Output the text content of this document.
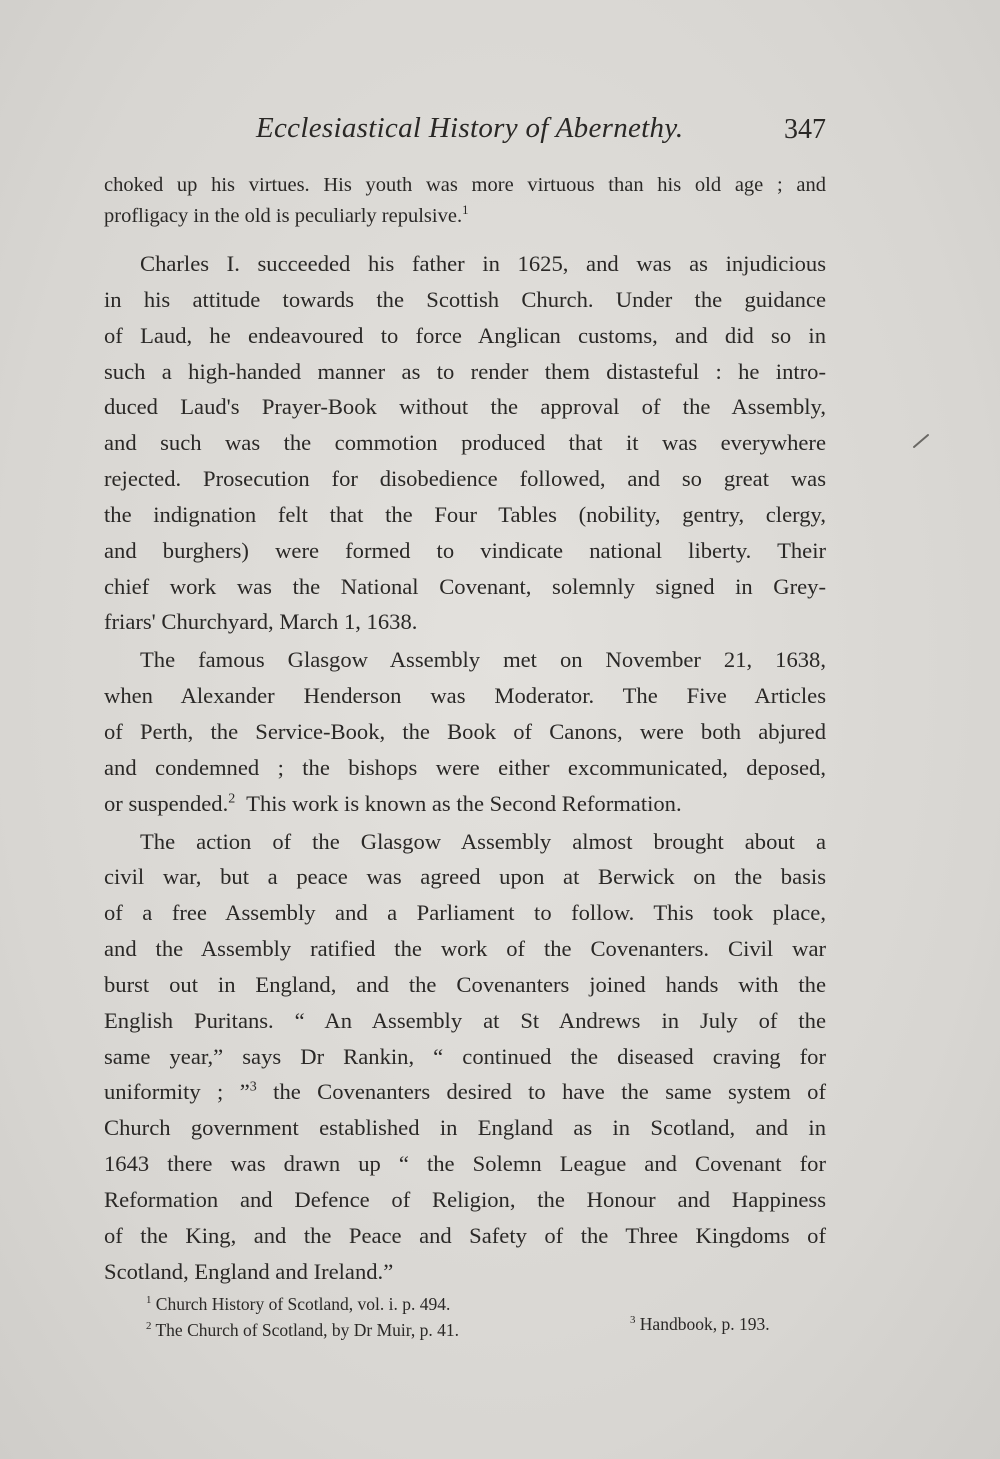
Ecclesiastical History of Abernethy.	347
choked up his virtues. His youth was more virtuous than his old age ; and
profligacy in the old is peculiarly repulsive.$^1$
Charles I. succeeded his father in 1625, and was as injudicious
in his attitude towards the Scottish Church. Under the guidance
of Laud, he endeavoured to force Anglican customs, and did so in
such a high-handed manner as to render them distasteful : he intro-
duced Laud's Prayer-Book without the approval of the Assembly,
and such was the commotion produced that it was everywhere
rejected. Prosecution for disobedience followed, and so great was
the indignation felt that the Four Tables (nobility, gentry, clergy,
and burghers) were formed to vindicate national liberty. Their
chief work was the National Covenant, solemnly signed in Grey-
friars' Churchyard, March 1, 1638.
The famous Glasgow Assembly met on November 21, 1638,
when Alexander Henderson was Moderator. The Five Articles
of Perth, the Service-Book, the Book of Canons, were both abjured
and condemned ; the bishops were either excommunicated, deposed,
or suspended.$^2$  This work is known as the Second Reformation.
The action of the Glasgow Assembly almost brought about a
civil war, but a peace was agreed upon at Berwick on the basis
of a free Assembly and a Parliament to follow. This took place,
and the Assembly ratified the work of the Covenanters. Civil war
burst out in England, and the Covenanters joined hands with the
English Puritans. “ An Assembly at St Andrews in July of the
same year,” says Dr Rankin, “ continued the diseased craving for
uniformity ; ”$^3$ the Covenanters desired to have the same system of
Church government established in England as in Scotland, and in
1643 there was drawn up “ the Solemn League and Covenant for
Reformation and Defence of Religion, the Honour and Happiness
of the King, and the Peace and Safety of the Three Kingdoms of
Scotland, England and Ireland.”
$^1$ Church History of Scotland, vol. i. p. 494.
$^2$ The Church of Scotland, by Dr Muir, p. 41.	$^3$ Handbook, p. 193.
